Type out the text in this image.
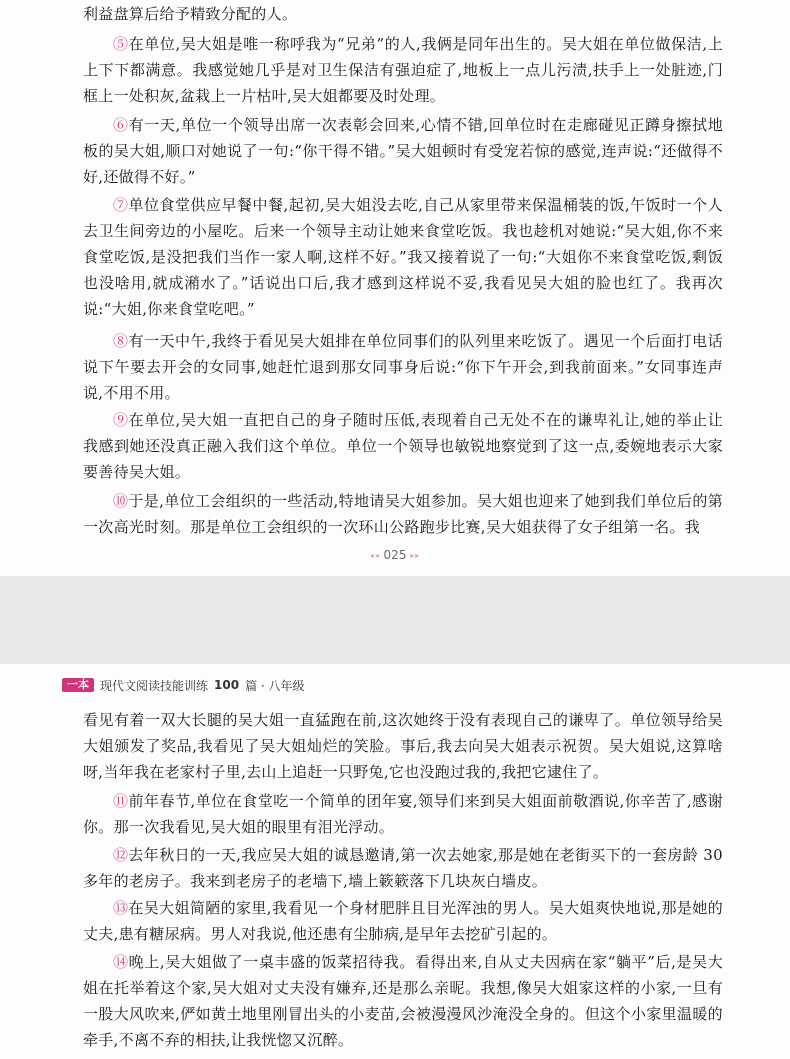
利益盘算后给予精致分配的人。

⑤在单位,吴大姐是唯一称呼我为“兄弟”的人,我俩是同年出生的。吴大姐在单位做保洁,上上下下都满意。我感觉她几乎是对卫生保洁有强迫症了,地板上一点儿污渍,扶手上一处脏迹,门框上一处积灰,盆栽上一片枯叶,吴大姐都要及时处理。

⑥有一天,单位一个领导出席一次表彰会回来,心情不错,回单位时在走廊碰见正蹲身擦拭地板的吴大姐,顺口对她说了一句:“你干得不错。”吴大姐顿时有受宠若惊的感觉,连声说:“还做得不好,还做得不好。”

⑦单位食堂供应早餐中餐,起初,吴大姐没去吃,自己从家里带来保温桶装的饭,午饭时一个人去卫生间旁边的小屋吃。后来一个领导主动让她来食堂吃饭。我也趁机对她说:“吴大姐,你不来食堂吃饭,是没把我们当作一家人啊,这样不好。”我又接着说了一句:“大姐你不来食堂吃饭,剩饭也没啥用,就成潲水了。”话说出口后,我才感到这样说不妥,我看见吴大姐的脸也红了。我再次说:“大姐,你来食堂吃吧。”

⑧有一天中午,我终于看见吴大姐排在单位同事们的队列里来吃饭了。遇见一个后面打电话说下午要去开会的女同事,她赶忙退到那女同事身后说:“你下午开会,到我前面来。”女同事连声说,不用不用。

⑨在单位,吴大姐一直把自己的身子随时压低,表现着自己无处不在的谦卑礼让,她的举止让我感到她还没真正融入我们这个单位。单位一个领导也敏锐地察觉到了这一点,委婉地表示大家要善待吴大姐。

⑩于是,单位工会组织的一些活动,特地请吴大姐参加。吴大姐也迎来了她到我们单位后的第一次高光时刻。那是单位工会组织的一次环山公路跑步比赛,吴大姐获得了女子组第一名。我

◂◂ 025 ▸▸
一本 现代文阅读技能训练 100 篇 · 八年级

看见有着一双大长腿的吴大姐一直猛跑在前,这次她终于没有表现自己的谦卑了。单位领导给吴大姐颁发了奖品,我看见了吴大姐灿烂的笑脸。事后,我去向吴大姐表示祝贺。吴大姐说,这算啥呀,当年我在老家村子里,去山上追赶一只野兔,它也没跑过我的,我把它逮住了。

⑪前年春节,单位在食堂吃一个简单的团年宴,领导们来到吴大姐面前敬酒说,你辛苦了,感谢你。那一次我看见,吴大姐的眼里有泪光浮动。

⑫去年秋日的一天,我应吴大姐的诚恳邀请,第一次去她家,那是她在老街买下的一套房龄 30 多年的老房子。我来到老房子的老墙下,墙上簌簌落下几块灰白墙皮。

⑬在吴大姐简陋的家里,我看见一个身材肥胖且目光浑浊的男人。吴大姐爽快地说,那是她的丈夫,患有糖尿病。男人对我说,他还患有尘肺病,是早年去挖矿引起的。

⑭晚上,吴大姐做了一桌丰盛的饭菜招待我。看得出来,自从丈夫因病在家“躺平”后,是吴大姐在托举着这个家,吴大姐对丈夫没有嫌弃,还是那么亲昵。我想,像吴大姐家这样的小家,一旦有一股大风吹来,俨如黄土地里刚冒出头的小麦苗,会被漫漫风沙淹没全身的。但这个小家里温暖的牵手,不离不弃的相扶,让我恍惚又沉醉。
